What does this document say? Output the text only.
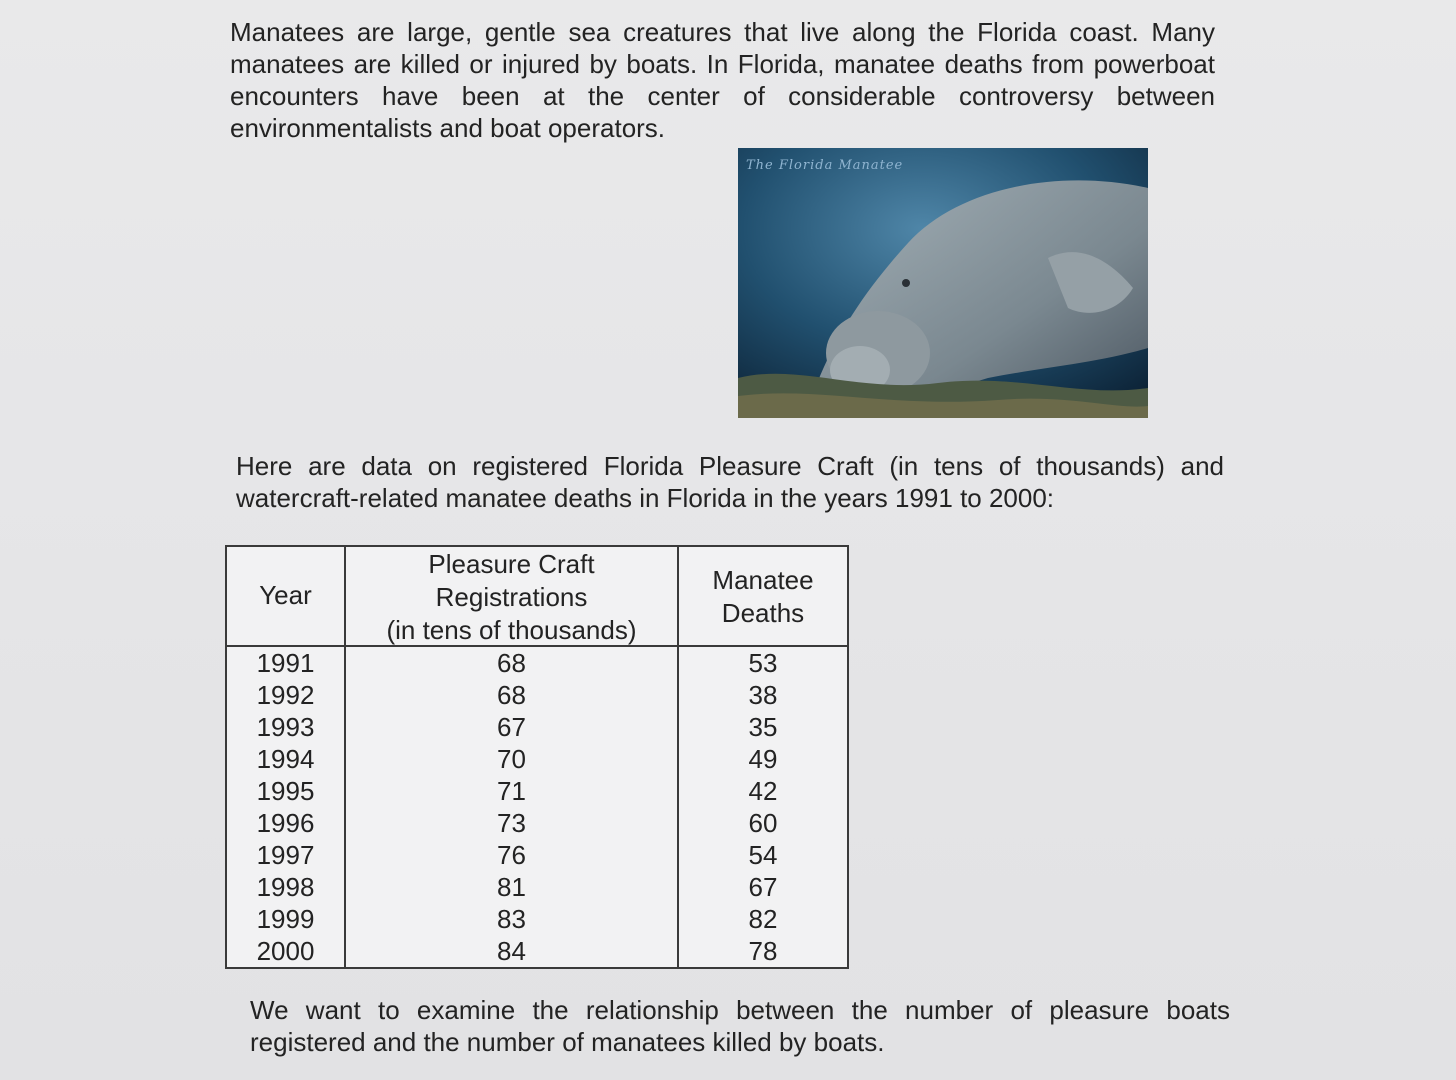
Manatees are large, gentle sea creatures that live along the Florida coast. Many manatees are killed or injured by boats. In Florida, manatee deaths from powerboat encounters have been at the center of considerable controversy between environmentalists and boat operators.

The Florida Manatee

Here are data on registered Florida Pleasure Craft (in tens of thousands) and watercraft-related manatee deaths in Florida in the years 1991 to 2000:

Year
Pleasure Craft
Registrations
(in tens of thousands)
Manatee
Deaths
1991
1992
1993
1994
1995
1996
1997
1998
1999
2000
68
68
67
70
71
73
76
81
83
84
53
38
35
49
42
60
54
67
82
78

We want to examine the relationship between the number of pleasure boats registered and the number of manatees killed by boats.
